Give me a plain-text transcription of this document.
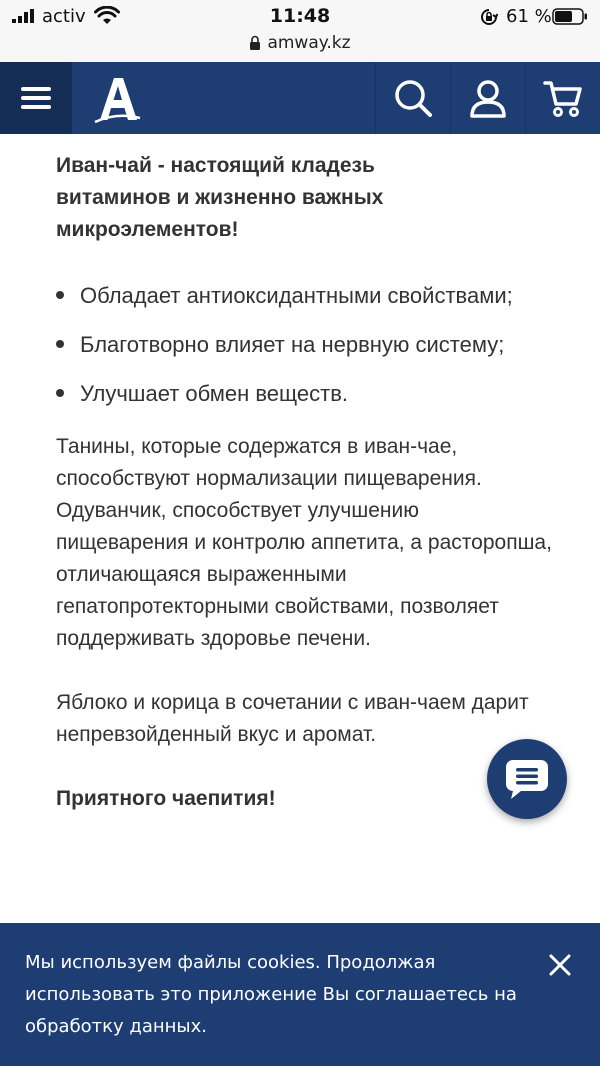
activ	11:48	61 %
amway.kz

Иван-чай - настоящий кладезь витаминов и жизненно важных микроэлементов!

Обладает антиоксидантными свойствами;
Благотворно влияет на нервную систему;
Улучшает обмен веществ.

Танины, которые содержатся в иван-чае, способствуют нормализации пищеварения. Одуванчик, способствует улучшению пищеварения и контролю аппетита, а расторопша, отличающаяся выраженными гепатопротекторными свойствами, позволяет поддерживать здоровье печени.

Яблоко и корица в сочетании с иван-чаем дарит непревзойденный вкус и аромат.

Приятного чаепития!

Мы используем файлы cookies. Продолжая использовать это приложение Вы соглашаетесь на обработку данных.
